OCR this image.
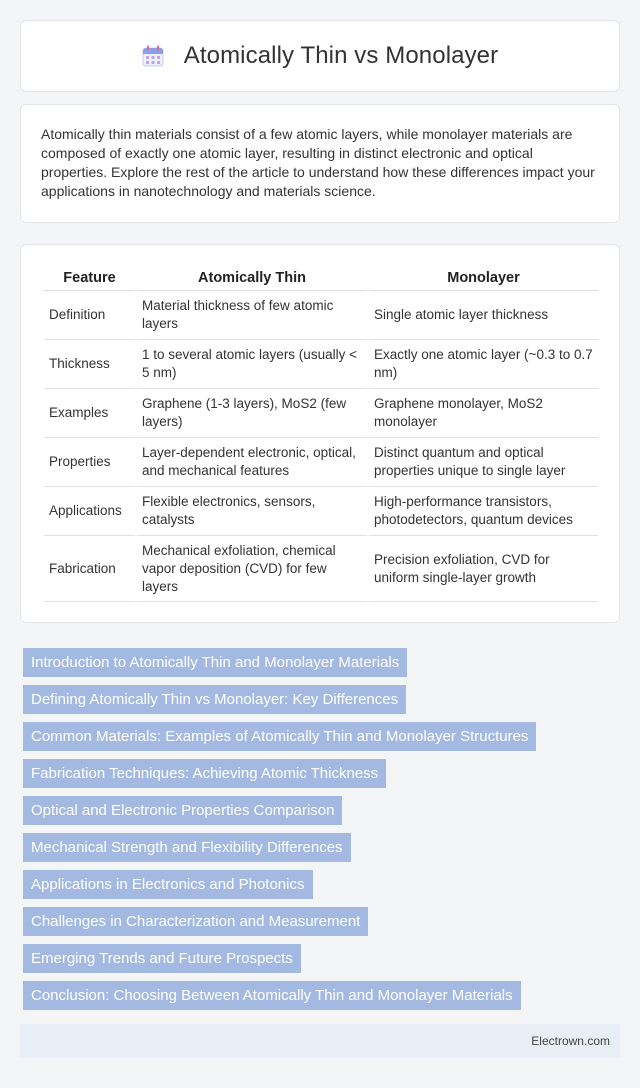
Atomically Thin vs Monolayer

Atomically thin materials consist of a few atomic layers, while monolayer materials are composed of exactly one atomic layer, resulting in distinct electronic and optical properties. Explore the rest of the article to understand how these differences impact your applications in nanotechnology and materials science.

Feature	Atomically Thin	Monolayer
Definition	Material thickness of few atomic layers	Single atomic layer thickness
Thickness	1 to several atomic layers (usually < 5 nm)	Exactly one atomic layer (~0.3 to 0.7 nm)
Examples	Graphene (1-3 layers), MoS2 (few layers)	Graphene monolayer, MoS2 monolayer
Properties	Layer-dependent electronic, optical, and mechanical features	Distinct quantum and optical properties unique to single layer
Applications	Flexible electronics, sensors, catalysts	High-performance transistors, photodetectors, quantum devices
Fabrication	Mechanical exfoliation, chemical vapor deposition (CVD) for few layers	Precision exfoliation, CVD for uniform single-layer growth
Introduction to Atomically Thin and Monolayer Materials
Defining Atomically Thin vs Monolayer: Key Differences
Common Materials: Examples of Atomically Thin and Monolayer Structures
Fabrication Techniques: Achieving Atomic Thickness
Optical and Electronic Properties Comparison
Mechanical Strength and Flexibility Differences
Applications in Electronics and Photonics
Challenges in Characterization and Measurement
Emerging Trends and Future Prospects
Conclusion: Choosing Between Atomically Thin and Monolayer Materials
Electrown.com
